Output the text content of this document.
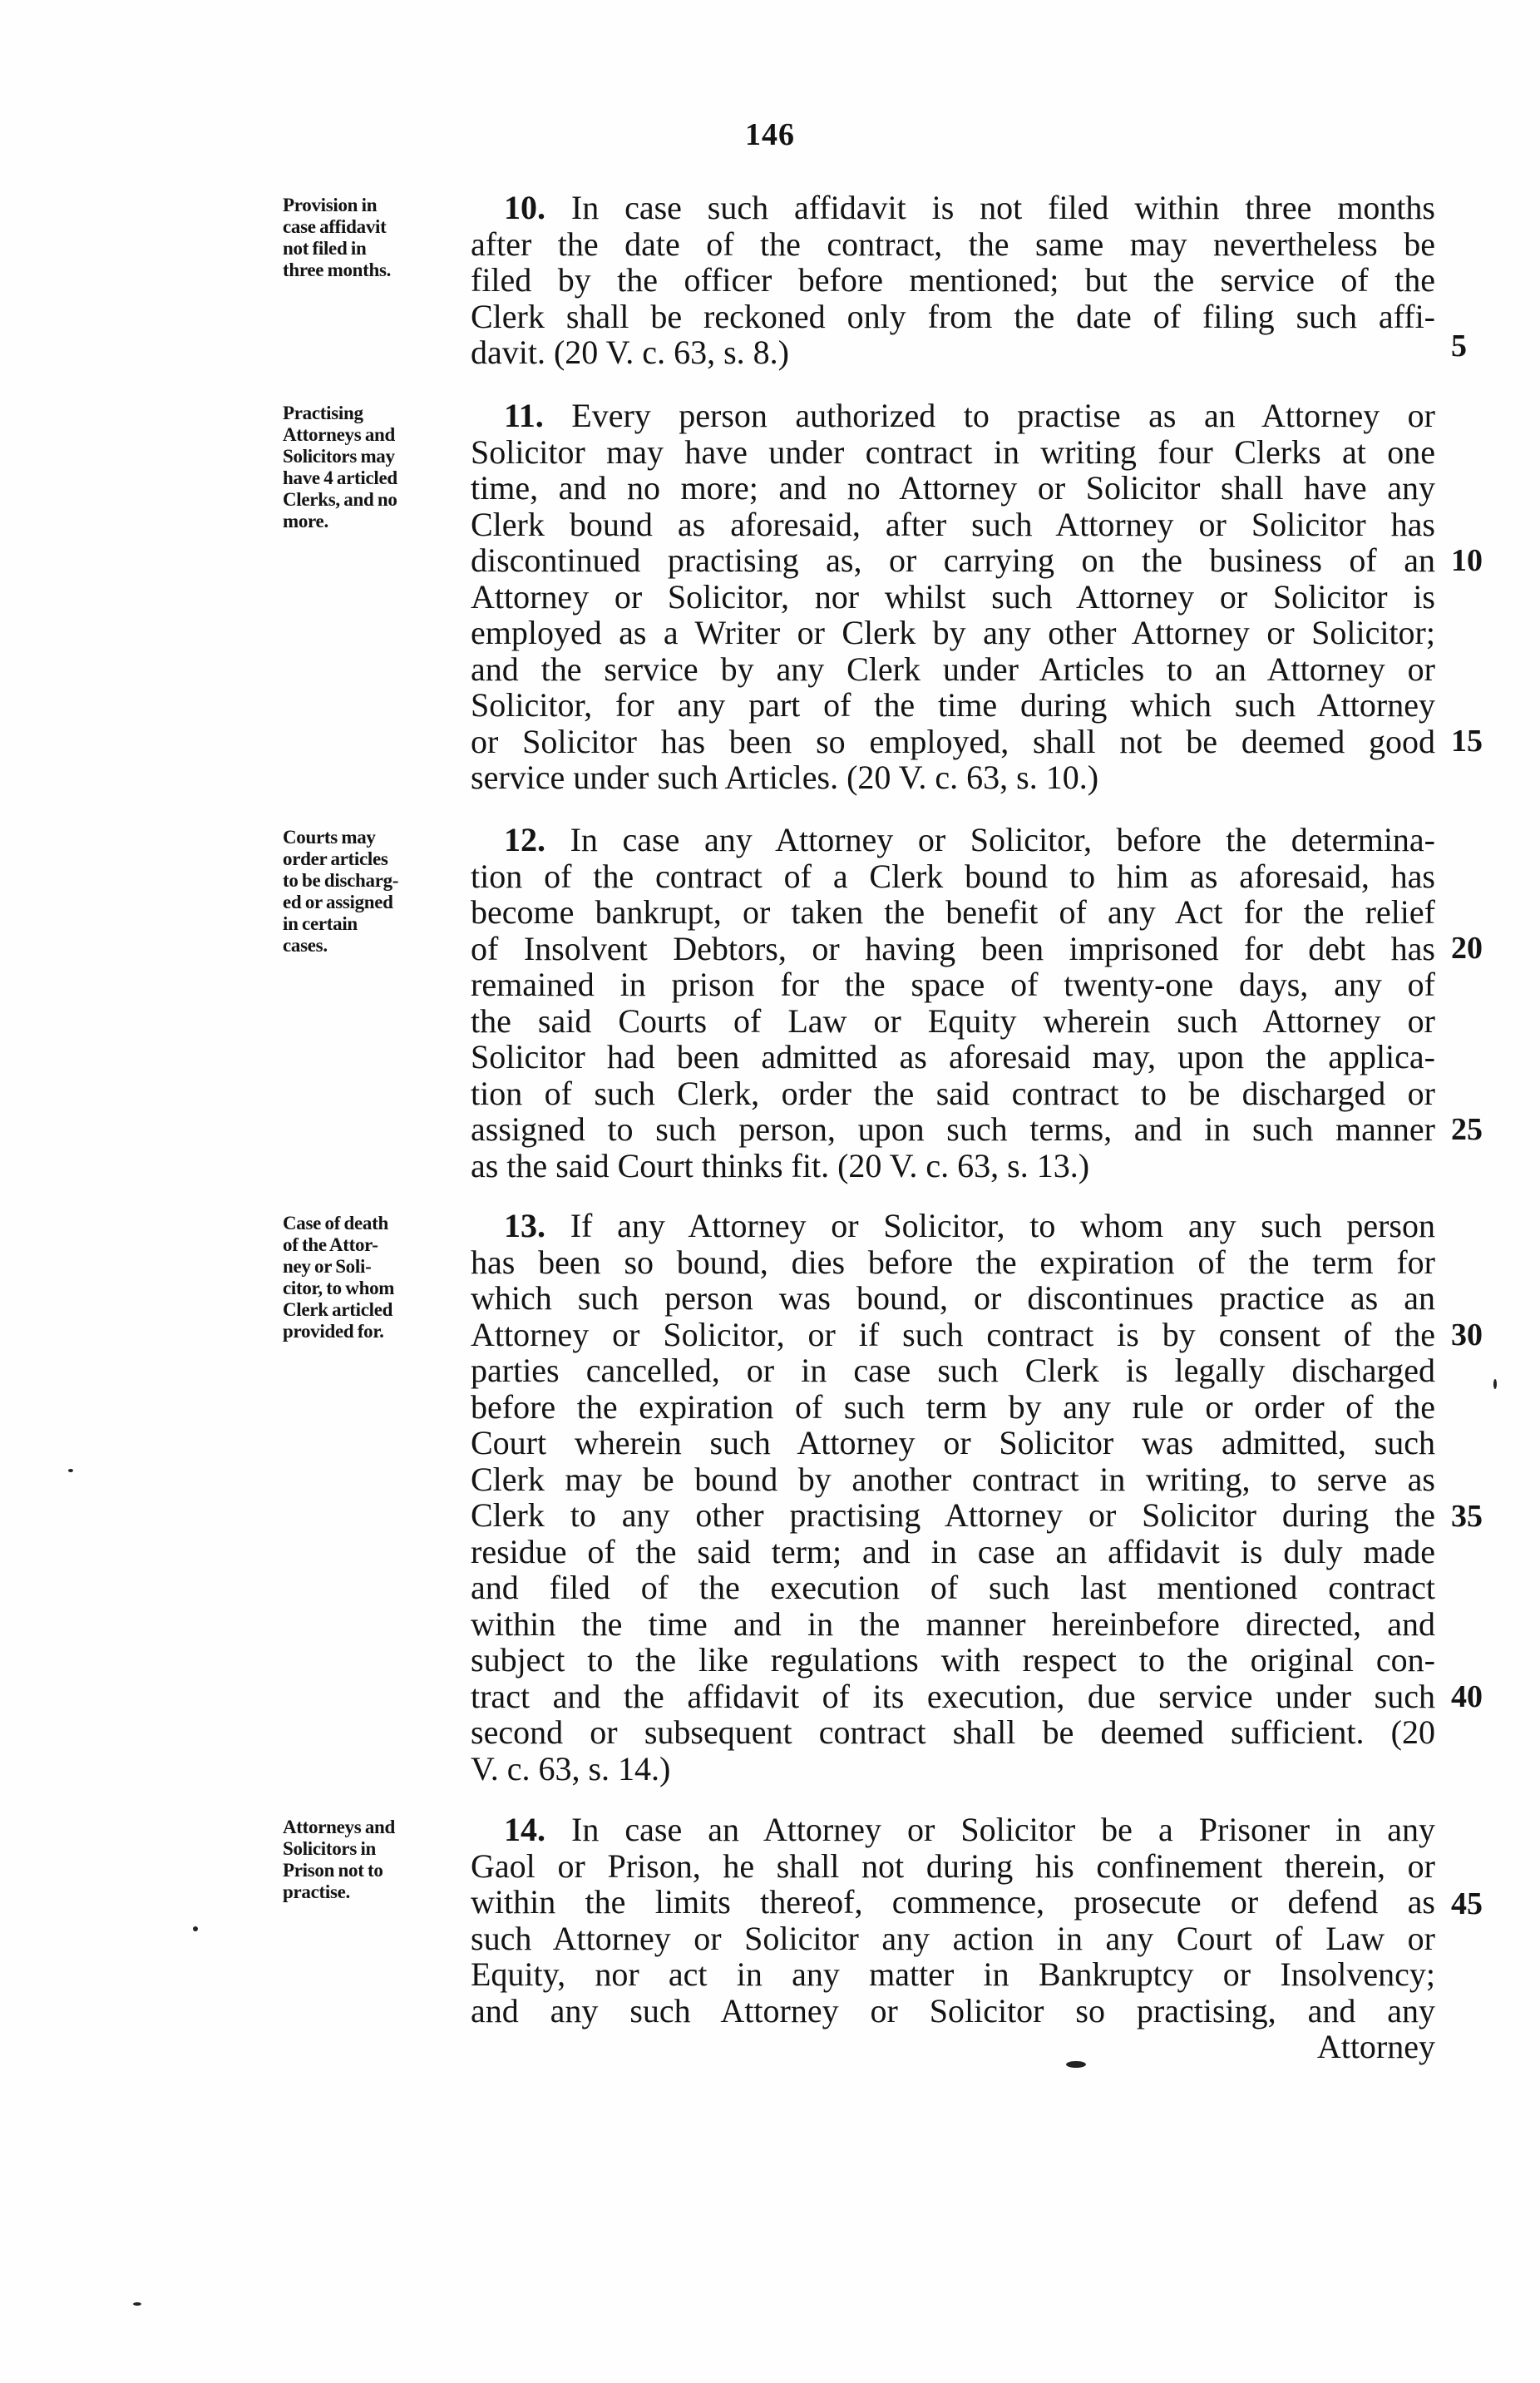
146
Provision in
case affidavit
not filed in
three months.
10. In case such affidavit is not filed within three months
after the date of the contract, the same may nevertheless be
filed by the officer before mentioned; but the service of the
Clerk shall be reckoned only from the date of filing such affi-
davit. (20 V. c. 63, s. 8.)
Practising
Attorneys and
Solicitors may
have 4 articled
Clerks, and no
more.
11. Every person authorized to practise as an Attorney or
Solicitor may have under contract in writing four Clerks at one
time, and no more; and no Attorney or Solicitor shall have any
Clerk bound as aforesaid, after such Attorney or Solicitor has
discontinued practising as, or carrying on the business of an
Attorney or Solicitor, nor whilst such Attorney or Solicitor is
employed as a Writer or Clerk by any other Attorney or Solicitor;
and the service by any Clerk under Articles to an Attorney or
Solicitor, for any part of the time during which such Attorney
or Solicitor has been so employed, shall not be deemed good
service under such Articles. (20 V. c. 63, s. 10.)
Courts may
order articles
to be discharg-
ed or assigned
in certain
cases.
12. In case any Attorney or Solicitor, before the determina-
tion of the contract of a Clerk bound to him as aforesaid, has
become bankrupt, or taken the benefit of any Act for the relief
of Insolvent Debtors, or having been imprisoned for debt has
remained in prison for the space of twenty-one days, any of
the said Courts of Law or Equity wherein such Attorney or
Solicitor had been admitted as aforesaid may, upon the applica-
tion of such Clerk, order the said contract to be discharged or
assigned to such person, upon such terms, and in such manner
as the said Court thinks fit. (20 V. c. 63, s. 13.)
Case of death
of the Attor-
ney or Soli-
citor, to whom
Clerk articled
provided for.
13. If any Attorney or Solicitor, to whom any such person
has been so bound, dies before the expiration of the term for
which such person was bound, or discontinues practice as an
Attorney or Solicitor, or if such contract is by consent of the
parties cancelled, or in case such Clerk is legally discharged
before the expiration of such term by any rule or order of the
Court wherein such Attorney or Solicitor was admitted, such
Clerk may be bound by another contract in writing, to serve as
Clerk to any other practising Attorney or Solicitor during the
residue of the said term; and in case an affidavit is duly made
and filed of the execution of such last mentioned contract
within the time and in the manner hereinbefore directed, and
subject to the like regulations with respect to the original con-
tract and the affidavit of its execution, due service under such
second or subsequent contract shall be deemed sufficient. (20
V. c. 63, s. 14.)
Attorneys and
Solicitors in
Prison not to
practise.
14. In case an Attorney or Solicitor be a Prisoner in any
Gaol or Prison, he shall not during his confinement therein, or
within the limits thereof, commence, prosecute or defend as
such Attorney or Solicitor any action in any Court of Law or
Equity, nor act in any matter in Bankruptcy or Insolvency;
and any such Attorney or Solicitor so practising, and any
Attorney
5
10
15
20
25
30
35
40
45
